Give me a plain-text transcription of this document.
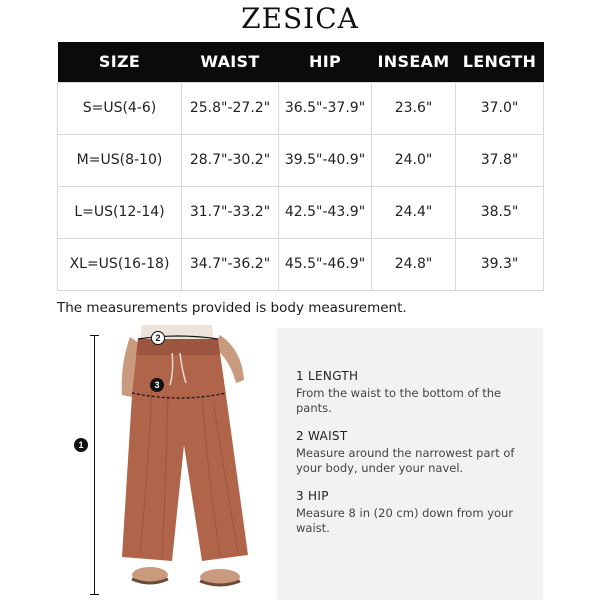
ZESICA
SIZE	WAIST	HIP	INSEAM	LENGTH
S=US(4-6)	25.8"-27.2"	36.5"-37.9"	23.6"	37.0"
M=US(8-10)	28.7"-30.2"	39.5"-40.9"	24.0"	37.8"
L=US(12-14)	31.7"-33.2"	42.5"-43.9"	24.4"	38.5"
XL=US(16-18)	34.7"-36.2"	45.5"-46.9"	24.8"	39.3"
The measurements provided is body measurement.
1
2
3
1 LENGTH
From the waist to the bottom of the pants.
2 WAIST
Measure around the narrowest part of your body, under your navel.
3 HIP
Measure 8 in (20 cm) down from your waist.
